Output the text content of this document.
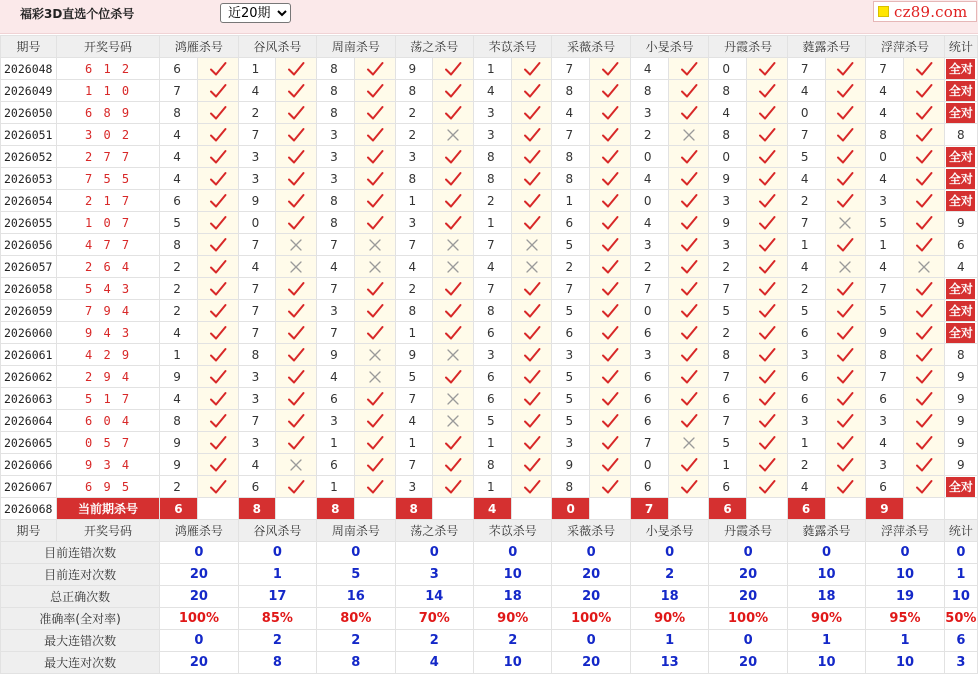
福彩3D直选个位杀号
近20期	cz89.com
期号	开奖号码	鸿雁杀号		谷风杀号		周南杀号		荡之杀号		芣苡杀号		采薇杀号		小旻杀号		丹霞杀号		蕤露杀号		浮萍杀号		统计
2026048	6 1 2	6		1		8		9		1		7		4		0		7		7		全对
2026049	1 1 0	7		4		8		8		4		8		8		8		4		4		全对
2026050	6 8 9	8		2		8		2		3		4		3		4		0		4		全对
2026051	3 0 2	4		7		3		2		3		7		2		8		7		8		8
2026052	2 7 7	4		3		3		3		8		8		0		0		5		0		全对
2026053	7 5 5	4		3		3		8		8		8		4		9		4		4		全对
2026054	2 1 7	6		9		8		1		2		1		0		3		2		3		全对
2026055	1 0 7	5		0		8		3		1		6		4		9		7		5		9
2026056	4 7 7	8		7		7		7		7		5		3		3		1		1		6
2026057	2 6 4	2		4		4		4		4		2		2		2		4		4		4
2026058	5 4 3	2		7		7		2		7		7		7		7		2		7		全对
2026059	7 9 4	2		7		3		8		8		5		0		5		5		5		全对
2026060	9 4 3	4		7		7		1		6		6		6		2		6		9		全对
2026061	4 2 9	1		8		9		9		3		3		3		8		3		8		8
2026062	2 9 4	9		3		4		5		6		5		6		7		6		7		9
2026063	5 1 7	4		3		6		7		6		5		6		6		6		6		9
2026064	6 0 4	8		7		3		4		5		5		6		7		3		3		9
2026065	0 5 7	9		3		1		1		1		3		7		5		1		4		9
2026066	9 3 4	9		4		6		7		8		9		0		1		2		3		9
2026067	6 9 5	2		6		1		3		1		8		6		6		4		6		全对
2026068	当前期杀号	6		8		8		8		4		0		7		6		6		9		
期号	开奖号码	鸿雁杀号		谷风杀号		周南杀号		荡之杀号		芣苡杀号		采薇杀号		小旻杀号		丹霞杀号		蕤露杀号		浮萍杀号		统计
目前连错次数		0		0		0		0		0		0		0		0		0		0		0
目前连对次数		20		1		5		3		10		20		2		20		10		10		1
总正确次数		20		17		16		14		18		20		18		20		18		19		10
准确率(全对率)		100%		85%		80%		70%		90%		100%		90%		100%		90%		95%		50%
最大连错次数		0		2		2		2		2		0		1		0		1		1		6
最大连对次数		20		8		8		4		10		20		13		20		10		10		3
